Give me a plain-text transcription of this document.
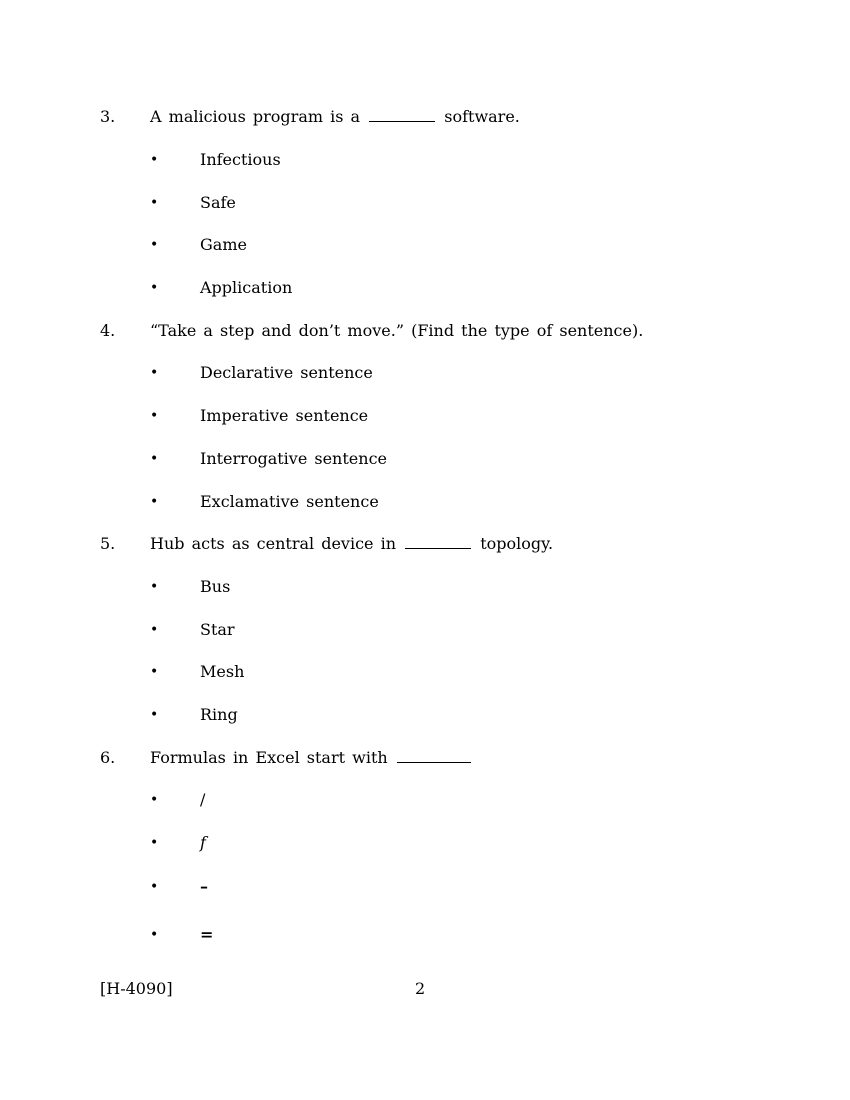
3. A malicious program is a	software.
•	Infectious
•	Safe
•	Game
•	Application
4. “Take a step and don’t move.” (Find the type of sentence).
•	Declarative sentence
•	Imperative sentence
•	Interrogative sentence
•	Exclamative sentence
5. Hub acts as central device in	topology.
•	Bus
•	Star
•	Mesh
•	Ring
6. Formulas in Excel start with
•	/
•	f
•	–
•	=
[H-4090]	2
